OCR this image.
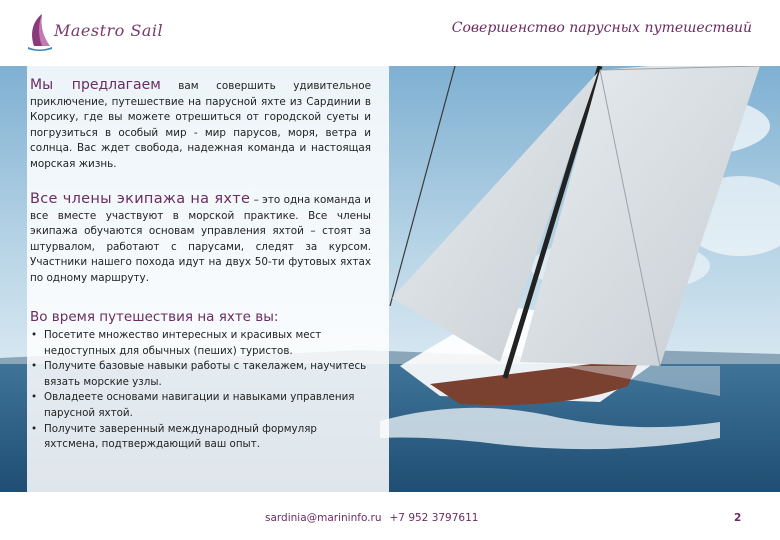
Maestro Sail	Совершенство парусных путешествий

Мы предлагаем вам совершить удивительное приключение, путешествие на парусной яхте из Сардинии в Корсику, где вы можете отрешиться от городской суеты и погрузиться в особый мир - мир парусов, моря, ветра и солнца. Вас ждет свобода, надежная команда и настоящая морская жизнь.

Все члены экипажа на яхте – это одна команда и все вместе участвуют в морской практике. Все члены экипажа обучаются основам управления яхтой – стоят за штурвалом, работают с парусами, следят за курсом. Участники нашего похода идут на двух 50-ти футовых яхтах по одному маршруту.

Во время путешествия на яхте вы:
• Посетите множество интересных и красивых мест недоступных для обычных (пеших) туристов.
• Получите базовые навыки работы с такелажем, научитесь вязать морские узлы.
• Овладеете основами навигации и навыками управления парусной яхтой.
• Получите заверенный международный формуляр яхтсмена, подтверждающий ваш опыт.
sardinia@marininfo.ru +7 952 3797611	2
